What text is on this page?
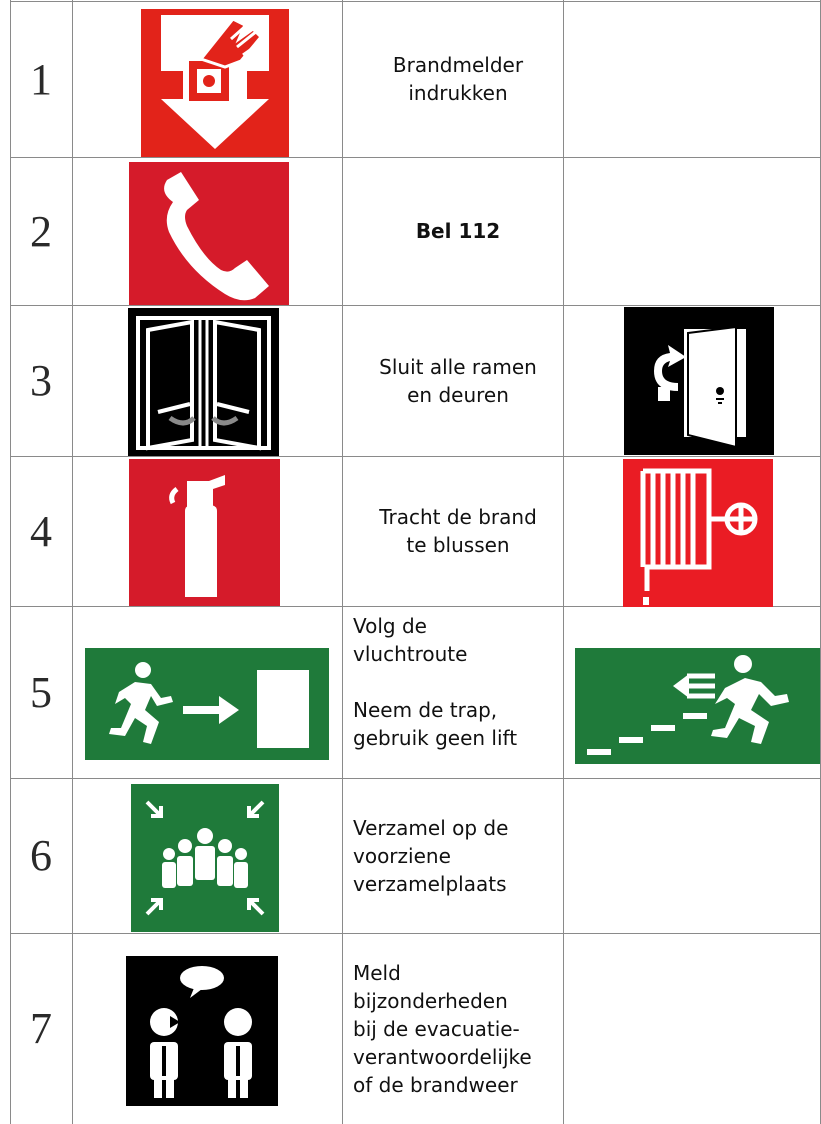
1	Brandmelder
indrukken
2	Bel 112
3	Sluit alle ramen
en deuren
4	Tracht de brand
te blussen
5
Volg de
vluchtroute
Neem de trap,
gebruik geen lift
6
Verzamel op de
voorziene
verzamelplaats
7
Meld
bijzonderheden
bij de evacuatie-
verantwoordelijke
of de brandweer
